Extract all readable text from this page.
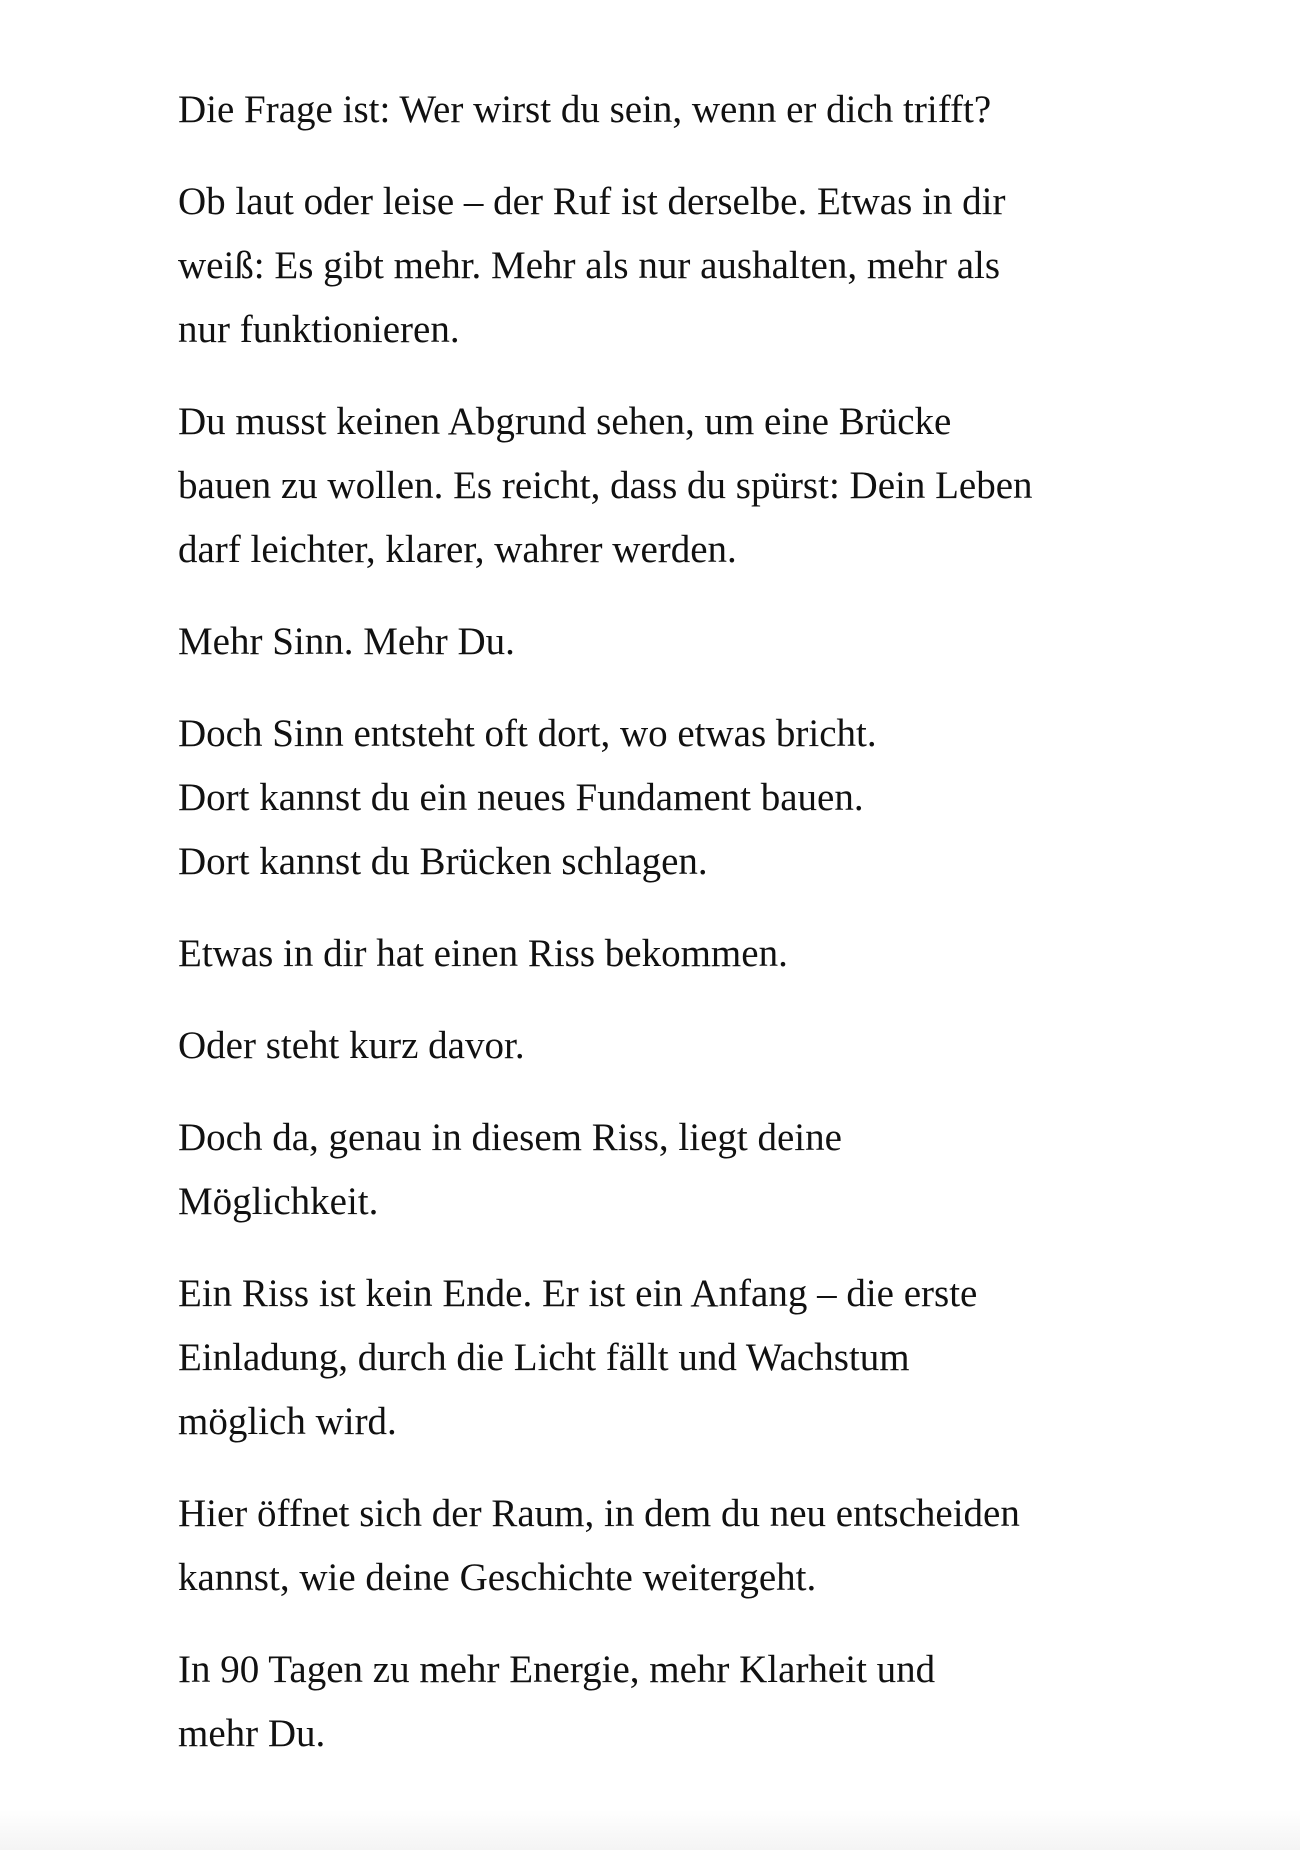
Die Frage ist: Wer wirst du sein, wenn er dich trifft?

Ob laut oder leise – der Ruf ist derselbe. Etwas in dir
weiß: Es gibt mehr. Mehr als nur aushalten, mehr als
nur funktionieren.

Du musst keinen Abgrund sehen, um eine Brücke
bauen zu wollen. Es reicht, dass du spürst: Dein Leben
darf leichter, klarer, wahrer werden.

Mehr Sinn. Mehr Du.

Doch Sinn entsteht oft dort, wo etwas bricht.
Dort kannst du ein neues Fundament bauen.
Dort kannst du Brücken schlagen.

Etwas in dir hat einen Riss bekommen.

Oder steht kurz davor.

Doch da, genau in diesem Riss, liegt deine
Möglichkeit.

Ein Riss ist kein Ende. Er ist ein Anfang – die erste
Einladung, durch die Licht fällt und Wachstum
möglich wird.

Hier öffnet sich der Raum, in dem du neu entscheiden
kannst, wie deine Geschichte weitergeht.

In 90 Tagen zu mehr Energie, mehr Klarheit und
mehr Du.
